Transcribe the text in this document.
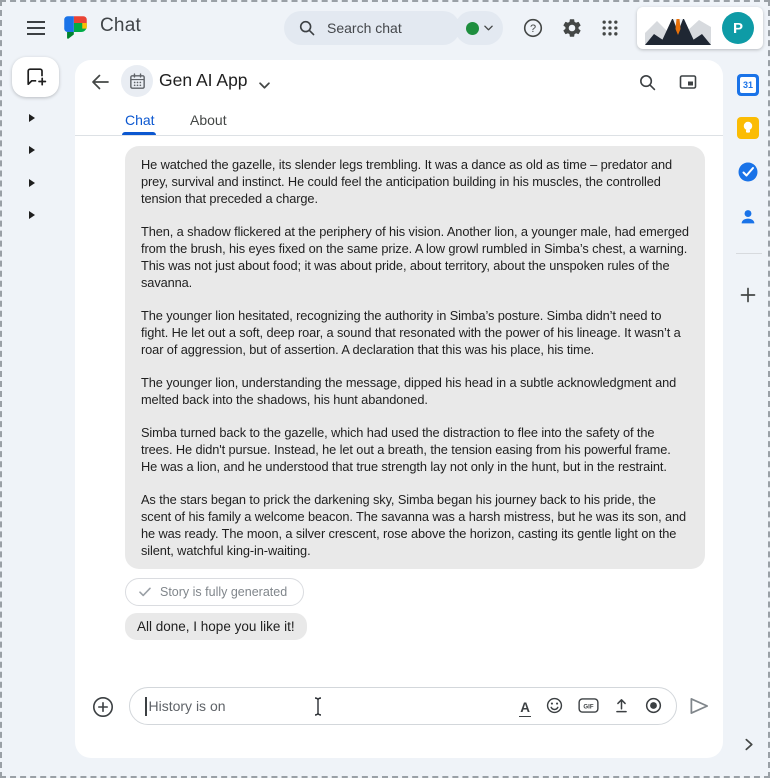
Chat	Search chat	?	P
Gen AI App
Chat	About

He watched the gazelle, its slender legs trembling. It was a dance as old as time – predator and prey, survival and instinct. He could feel the anticipation building in his muscles, the controlled tension that preceded a charge.

Then, a shadow flickered at the periphery of his vision. Another lion, a younger male, had emerged from the brush, his eyes fixed on the same prize. A low growl rumbled in Simba’s chest, a warning. This was not just about food; it was about pride, about territory, about the unspoken rules of the savanna.

The younger lion hesitated, recognizing the authority in Simba’s posture. Simba didn’t need to fight. He let out a soft, deep roar, a sound that resonated with the power of his lineage. It wasn’t a roar of aggression, but of assertion. A declaration that this was his place, his time.

The younger lion, understanding the message, dipped his head in a subtle acknowledgment and melted back into the shadows, his hunt abandoned.

Simba turned back to the gazelle, which had used the distraction to flee into the safety of the trees. He didn't pursue. Instead, he let out a breath, the tension easing from his powerful frame. He was a lion, and he understood that true strength lay not only in the hunt, but in the restraint.

As the stars began to prick the darkening sky, Simba began his journey back to his pride, the scent of his family a welcome beacon. The savanna was a harsh mistress, but he was its son, and he was ready. The moon, a silver crescent, rose above the horizon, casting its gentle light on the silent, watchful king-in-waiting.

Story is fully generated
All done, I hope you like it!
History is on	A	GIF
31
